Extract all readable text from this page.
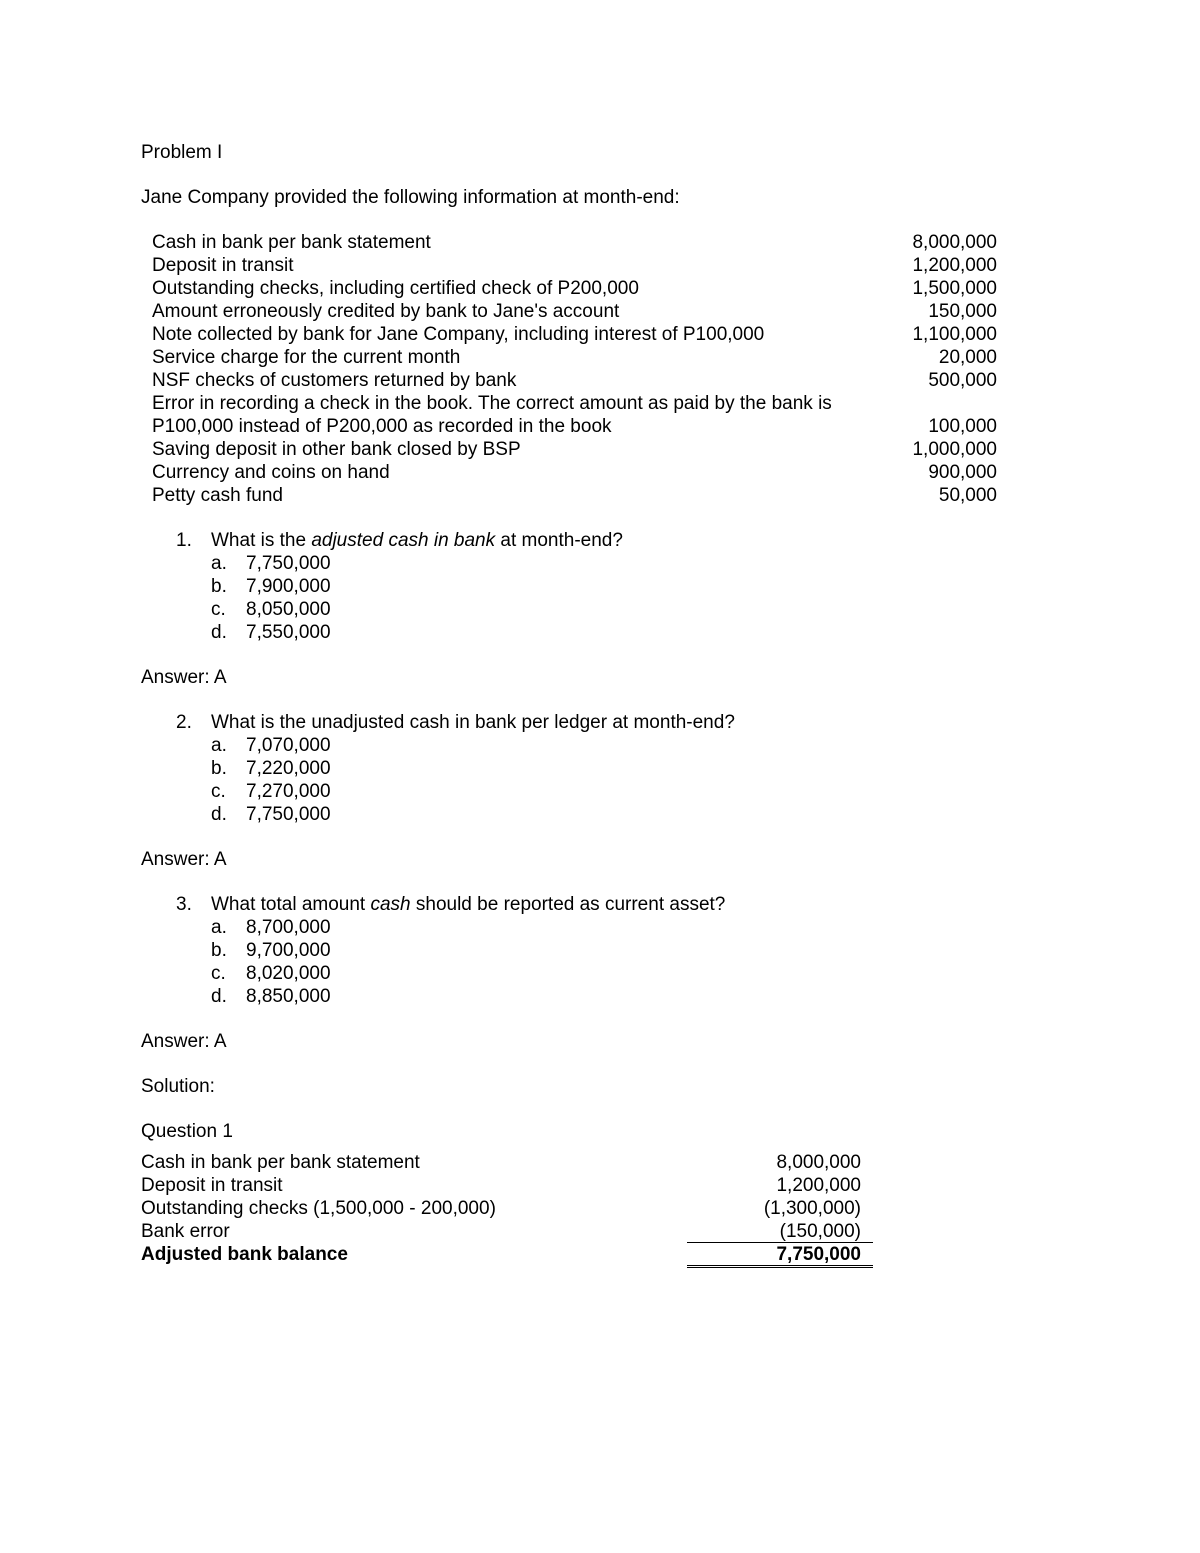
Problem I

Jane Company provided the following information at month-end:

Cash in bank per bank statement	8,000,000
Deposit in transit	1,200,000
Outstanding checks, including certified check of P200,000	1,500,000
Amount erroneously credited by bank to Jane's account	150,000
Note collected by bank for Jane Company, including interest of P100,000	1,100,000
Service charge for the current month	20,000
NSF checks of customers returned by bank	500,000
Error in recording a check in the book. The correct amount as paid by the bank is P100,000 instead of P200,000 as recorded in the book	100,000
Saving deposit in other bank closed by BSP	1,000,000
Currency and coins on hand	900,000
Petty cash fund	50,000
1.	What is the adjusted cash in bank at month-end?
a.	7,750,000
b.	7,900,000
c.	8,050,000
d.	7,550,000

Answer: A

2.	What is the unadjusted cash in bank per ledger at month-end?
a.	7,070,000
b.	7,220,000
c.	7,270,000
d.	7,750,000

Answer: A

3.	What total amount cash should be reported as current asset?
a.	8,700,000
b.	9,700,000
c.	8,020,000
d.	8,850,000

Answer: A

Solution:

Question 1

Cash in bank per bank statement	8,000,000
Deposit in transit	1,200,000
Outstanding checks (1,500,000 - 200,000)	(1,300,000)
Bank error	(150,000)
Adjusted bank balance	7,750,000
